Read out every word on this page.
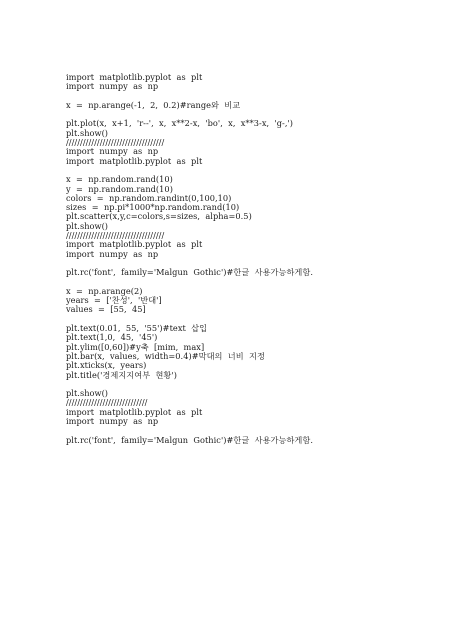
import  matplotlib.pyplot  as  plt
import  numpy  as  np
x  =  np.arange(-1,  2,  0.2)#range와  비교
plt.plot(x,  x+1,  'r--',  x,  x**2-x,  'bo',  x,  x**3-x,  'g-,')
plt.show()
///////////////////////////////////
import  numpy  as  np
import  matplotlib.pyplot  as  plt
x  =  np.random.rand(10)
y  =  np.random.rand(10)
colors  =  np.random.randint(0,100,10)
sizes  =  np.pi*1000*np.random.rand(10)
plt.scatter(x,y,c=colors,s=sizes,  alpha=0.5)
plt.show()
///////////////////////////////////
import  matplotlib.pyplot  as  plt
import  numpy  as  np
plt.rc('font',  family='Malgun  Gothic')#한글  사용가능하게함.
x  =  np.arange(2)
years  =  ['찬성',  '반대']
values  =  [55,  45]
plt.text(0.01,  55,  '55')#text  삽입
plt.text(1,0,  45,  '45')
plt.ylim([0,60])#y축  [mim,  max]
plt.bar(x,  values,  width=0.4)#막대의  너비  지정
plt.xticks(x,  years)
plt.title('경제지지여부  현황')
plt.show()
/////////////////////////////
import  matplotlib.pyplot  as  plt
import  numpy  as  np
plt.rc('font',  family='Malgun  Gothic')#한글  사용가능하게함.
